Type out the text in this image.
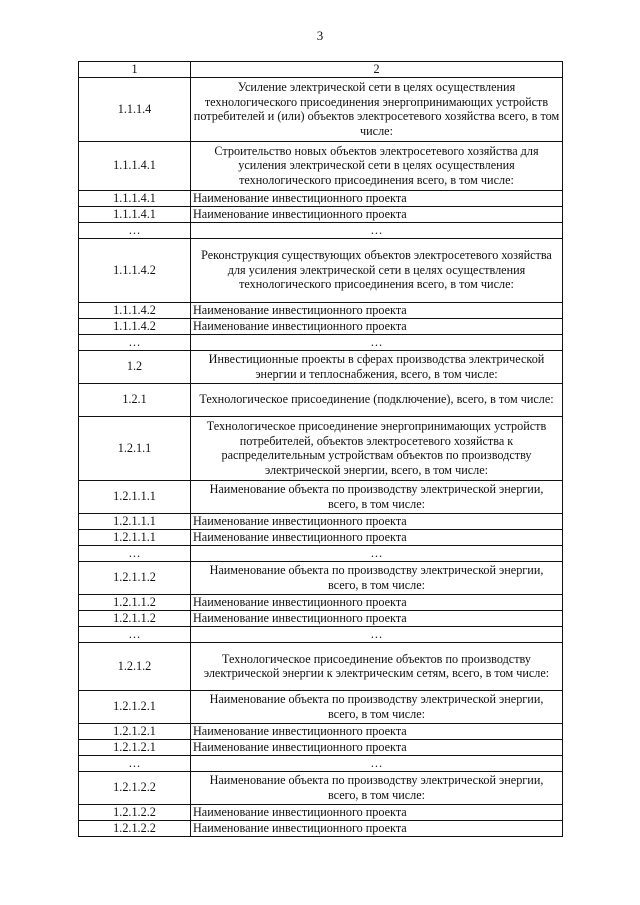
3
1	2
1.1.1.4	Усиление электрической сети в целях осуществления технологического присоединения энергопринимающих устройств потребителей и (или) объектов электросетевого хозяйства всего, в том числе:
1.1.1.4.1	Строительство новых объектов электросетевого хозяйства для усиления электрической сети в целях осуществления технологического присоединения всего, в том числе:
1.1.1.4.1	Наименование инвестиционного проекта
1.1.1.4.1	Наименование инвестиционного проекта
…	…
1.1.1.4.2	Реконструкция существующих объектов электросетевого хозяйства для усиления электрической сети в целях осуществления технологического присоединения всего, в том числе:
1.1.1.4.2	Наименование инвестиционного проекта
1.1.1.4.2	Наименование инвестиционного проекта
…	…
1.2	Инвестиционные проекты в сферах производства электрической энергии и теплоснабжения, всего, в том числе:
1.2.1	Технологическое присоединение (подключение), всего, в том числе:
1.2.1.1	Технологическое присоединение энергопринимающих устройств потребителей, объектов электросетевого хозяйства к распределительным устройствам объектов по производству электрической энергии, всего, в том числе:
1.2.1.1.1	Наименование объекта по производству электрической энергии, всего, в том числе:
1.2.1.1.1	Наименование инвестиционного проекта
1.2.1.1.1	Наименование инвестиционного проекта
…	…
1.2.1.1.2	Наименование объекта по производству электрической энергии, всего, в том числе:
1.2.1.1.2	Наименование инвестиционного проекта
1.2.1.1.2	Наименование инвестиционного проекта
…	…
1.2.1.2	Технологическое присоединение объектов по производству электрической энергии к электрическим сетям, всего, в том числе:
1.2.1.2.1	Наименование объекта по производству электрической энергии, всего, в том числе:
1.2.1.2.1	Наименование инвестиционного проекта
1.2.1.2.1	Наименование инвестиционного проекта
…	…
1.2.1.2.2	Наименование объекта по производству электрической энергии, всего, в том числе:
1.2.1.2.2	Наименование инвестиционного проекта
1.2.1.2.2	Наименование инвестиционного проекта
